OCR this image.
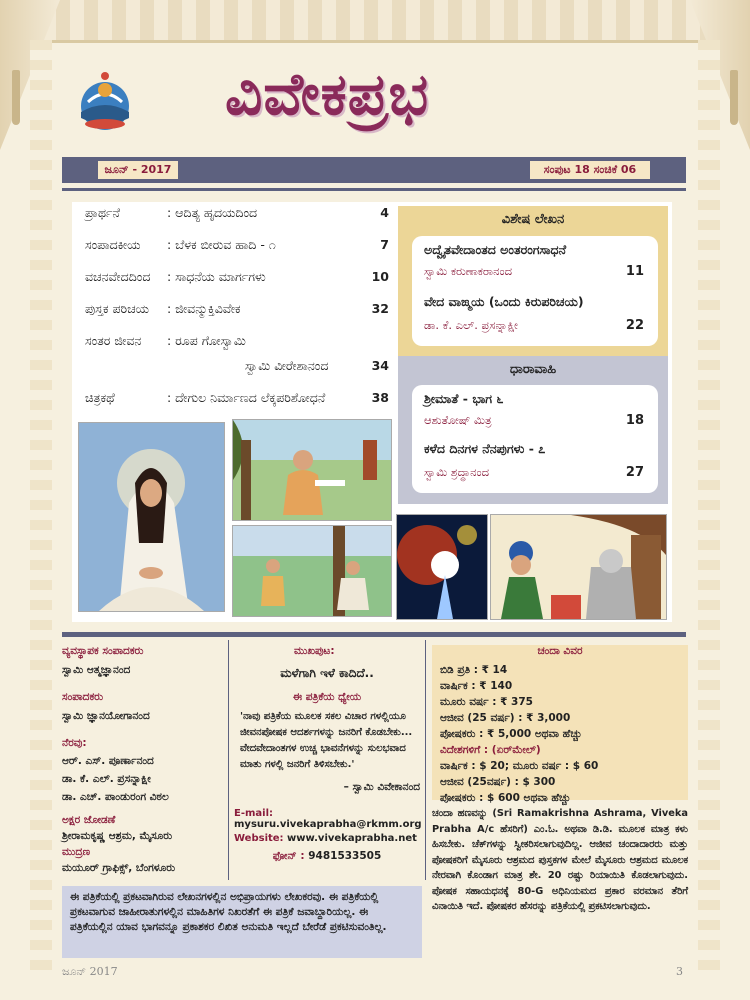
ವಿವೇಕಪ್ರಭ
ಜೂನ್ - 2017	ಸಂಪುಟ 18 ಸಂಚಿಕೆ 06
ಪ್ರಾರ್ಥನೆ	: ಆದಿತ್ಯ ಹೃದಯದಿಂದ	4
ಸಂಪಾದಕೀಯ : ಬೆಳಕ ಬೀರುವ ಹಾದಿ - ೧	7
ವಚನವೇದದಿಂದ : ಸಾಧನೆಯ ಮಾರ್ಗಗಳು	10
ಪುಸ್ತಕ ಪರಿಚಯ : ಜೀವನ್ಮುಕ್ತಿವಿವೇಕ	32
ಸಂತರ ಜೀವನ : ರೂಪ ಗೋಸ್ವಾಮಿ
ಸ್ವಾಮಿ ವೀರೇಶಾನಂದ	34
ಚಿತ್ರಕಥೆ	: ದೇಗುಲ ನಿರ್ಮಾಣದ ಲೆಕ್ಕಪರಿಶೋಧನೆ	38
ವಿಶೇಷ ಲೇಖನ
ಅದ್ವೈತವೇದಾಂತದ ಅಂತರಂಗಸಾಧನೆ
ಸ್ವಾಮಿ ಕರುಣಾಕರಾನಂದ	11
ವೇದ ವಾಙ್ಮಯ (ಒಂದು ಕಿರುಪರಿಚಯ)
ಡಾ. ಕೆ. ಎಲ್. ಪ್ರಸನ್ನಾಕ್ಷೀ	22
ಧಾರಾವಾಹಿ
ಶ್ರೀಮಾತೆ - ಭಾಗ ೬
ಆಶುತೋಷ್ ಮಿತ್ರ	18
ಕಳೆದ ದಿನಗಳ ನೆನಪುಗಳು - ೭
ಸ್ವಾಮಿ ಶ್ರದ್ಧಾನಂದ	27
ವ್ಯವಸ್ಥಾಪಕ ಸಂಪಾದಕರು
ಸ್ವಾಮಿ ಆತ್ಮಜ್ಞಾನಂದ
ಸಂಪಾದಕರು
ಸ್ವಾಮಿ ಜ್ಞಾನಯೋಗಾನಂದ
ನೆರವು:
ಆರ್. ಎಸ್. ಪೂರ್ಣಾನಂದ
ಡಾ. ಕೆ. ಎಲ್. ಪ್ರಸನ್ನಾಕ್ಷೀ
ಡಾ. ಎಚ್. ಪಾಂಡುರಂಗ ವಿಠಲ
ಅಕ್ಷರ ಜೋಡಣೆ
ಶ್ರೀರಾಮಕೃಷ್ಣ ಆಶ್ರಮ, ಮೈಸೂರು
ಮುದ್ರಣ
ಮಯೂರ್ ಗ್ರಾಫಿಕ್ಸ್, ಬೆಂಗಳೂರು
ಮುಖಪುಟ:
ಮಳೆಗಾಗಿ ಇಳೆ ಕಾದಿದೆ..
ಈ ಪತ್ರಿಕೆಯ ಧ್ಯೇಯ
'ನಾವು ಪತ್ರಿಕೆಯ ಮೂಲಕ ಸಕಲ ವಿಚಾರ ಗಳಲ್ಲಿಯೂ ಜೀವನಪೋಷಕ ಆದರ್ಶಗಳನ್ನು ಜನರಿಗೆ ಕೊಡಬೇಕು... ವೇದವೇದಾಂತಗಳ ಉಚ್ಚ ಭಾವನೆಗಳನ್ನು ಸುಲಭವಾದ ಮಾತು ಗಳಲ್ಲಿ ಜನರಿಗೆ ತಿಳಿಸಬೇಕು.'
– ಸ್ವಾಮಿ ವಿವೇಕಾನಂದ
E-mail: mysuru.vivekaprabha@rkmm.org
Website: www.vivekaprabha.net
ಫೋನ್ : 9481533505
ಚಂದಾ ವಿವರ
ಬಿಡಿ ಪ್ರತಿ : ₹ 14
ವಾರ್ಷಿಕ : ₹ 140
ಮೂರು ವರ್ಷ : ₹ 375
ಆಜೀವ (25 ವರ್ಷ) : ₹ 3,000
ಪೋಷಕರು : ₹ 5,000 ಅಥವಾ ಹೆಚ್ಚು
ವಿದೇಶಗಳಿಗೆ : (ಏರ್‌ಮೇಲ್)
ವಾರ್ಷಿಕ : $ 20; ಮೂರು ವರ್ಷ : $ 60
ಆಜೀವ (25ವರ್ಷ) : $ 300
ಪೋಷಕರು : $ 600 ಅಥವಾ ಹೆಚ್ಚು
ಚಂದಾ ಹಣವನ್ನು (Sri Ramakrishna Ashrama, Viveka Prabha A/c ಹೆಸರಿಗೆ) ಎಂ.ಓ. ಅಥವಾ ಡಿ.ಡಿ. ಮೂಲಕ ಮಾತ್ರ ಕಳು ಹಿಸಬೇಕು. ಚೆಕ್‌ಗಳನ್ನು ಸ್ವೀಕರಿಸಲಾಗುವುದಿಲ್ಲ. ಆಜೀವ ಚಂದಾದಾರರು ಮತ್ತು ಪೋಷಕರಿಗೆ ಮೈಸೂರು ಆಶ್ರಮದ ಪುಸ್ತಕಗಳ ಮೇಲೆ ಮೈಸೂರು ಆಶ್ರಮದ ಮೂಲಕ ನೇರವಾಗಿ ಕೊಂಡಾಗ ಮಾತ್ರ ಶೇ. 20 ರಷ್ಟು ರಿಯಾಯಿತಿ ಕೊಡಲಾಗುವುದು. ಪೋಷಕ ಸಹಾಯಧನಕ್ಕೆ 80-G ಅಧಿನಿಯಮದ ಪ್ರಕಾರ ವರಮಾನ ತೆರಿಗೆ ವಿನಾಯಿತಿ ಇದೆ. ಪೋಷಕರ ಹೆಸರನ್ನು ಪತ್ರಿಕೆಯಲ್ಲಿ ಪ್ರಕಟಿಸಲಾಗುವುದು.
ಈ ಪತ್ರಿಕೆಯಲ್ಲಿ ಪ್ರಕಟವಾಗಿರುವ ಲೇಖನಗಳಲ್ಲಿನ ಅಭಿಪ್ರಾಯಗಳು ಲೇಖಕರವು. ಈ ಪತ್ರಿಕೆಯಲ್ಲಿ ಪ್ರಕಟವಾಗುವ ಜಾಹೀರಾತುಗಳಲ್ಲಿನ ಮಾಹಿತಿಗಳ ನಿಖರತೆಗೆ ಈ ಪತ್ರಿಕೆ ಜವಾಬ್ದಾರಿಯಲ್ಲ. ಈ ಪತ್ರಿಕೆಯಲ್ಲಿನ ಯಾವ ಭಾಗವನ್ನೂ ಪ್ರಕಾಶಕರ ಲಿಖಿತ ಅನುಮತಿ ಇಲ್ಲದೆ ಬೇರೆಡೆ ಪ್ರಕಟಿಸುವಂತಿಲ್ಲ.
ಜೂನ್ 2017	3
